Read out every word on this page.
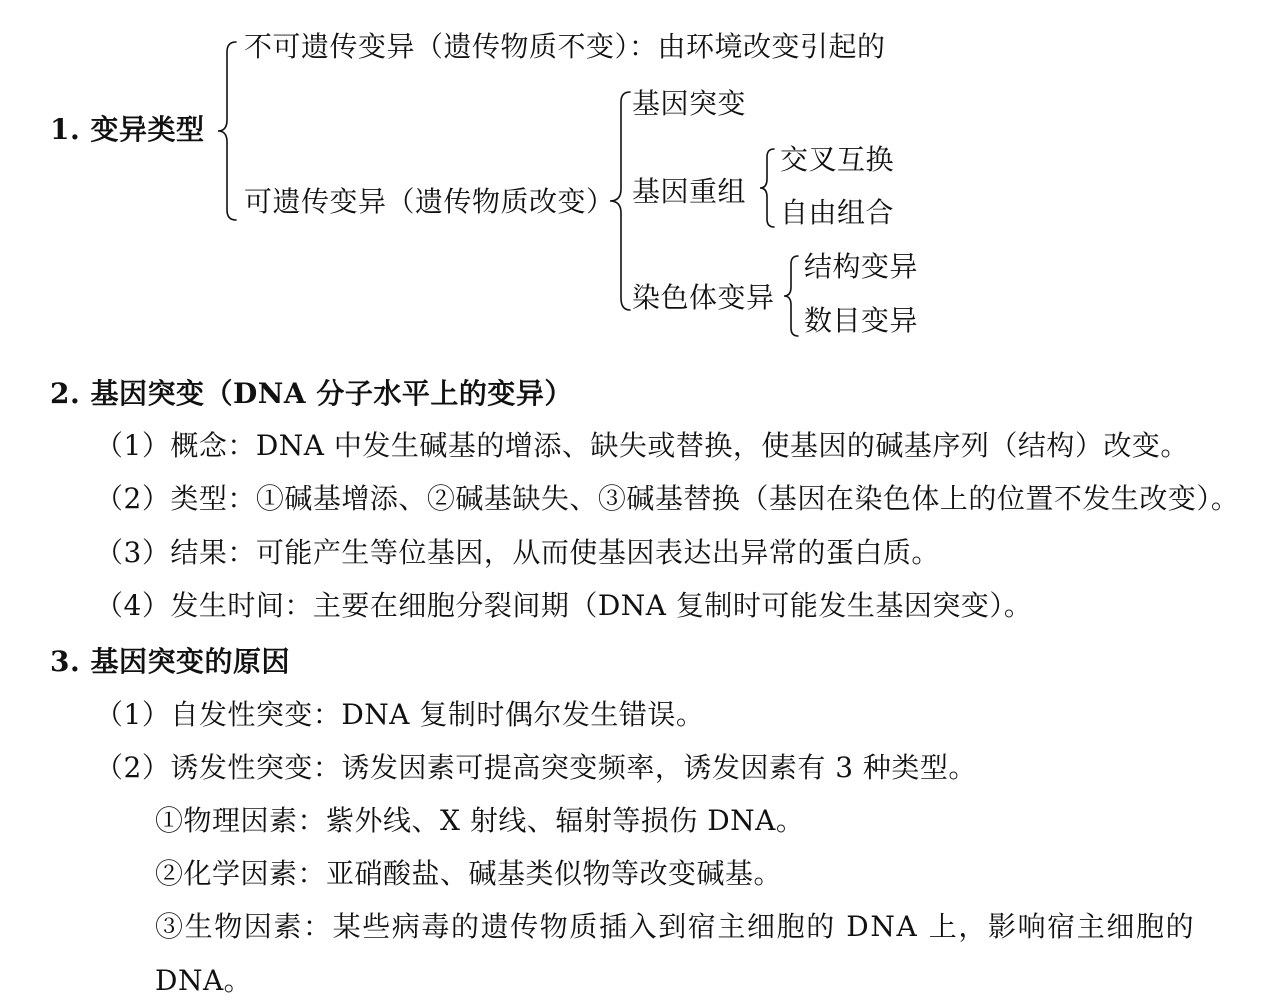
1. 变异类型
不可遗传变异（遗传物质不变）：由环境改变引起的
可遗传变异（遗传物质改变）
基因突变
基因重组
染色体变异
交叉互换
自由组合
结构变异
数目变异
2. 基因突变（DNA 分子水平上的变异）
（1）概念：DNA 中发生碱基的增添、缺失或替换，使基因的碱基序列（结构）改变。
（2）类型：①碱基增添、②碱基缺失、③碱基替换（基因在染色体上的位置不发生改变）。
（3）结果：可能产生等位基因，从而使基因表达出异常的蛋白质。
（4）发生时间：主要在细胞分裂间期（DNA 复制时可能发生基因突变）。
3. 基因突变的原因
（1）自发性突变：DNA 复制时偶尔发生错误。
（2）诱发性突变：诱发因素可提高突变频率，诱发因素有 3 种类型。
①物理因素：紫外线、X 射线、辐射等损伤 DNA。
②化学因素：亚硝酸盐、碱基类似物等改变碱基。
③生物因素：某些病毒的遗传物质插入到宿主细胞的 DNA 上，影响宿主细胞的
DNA。
